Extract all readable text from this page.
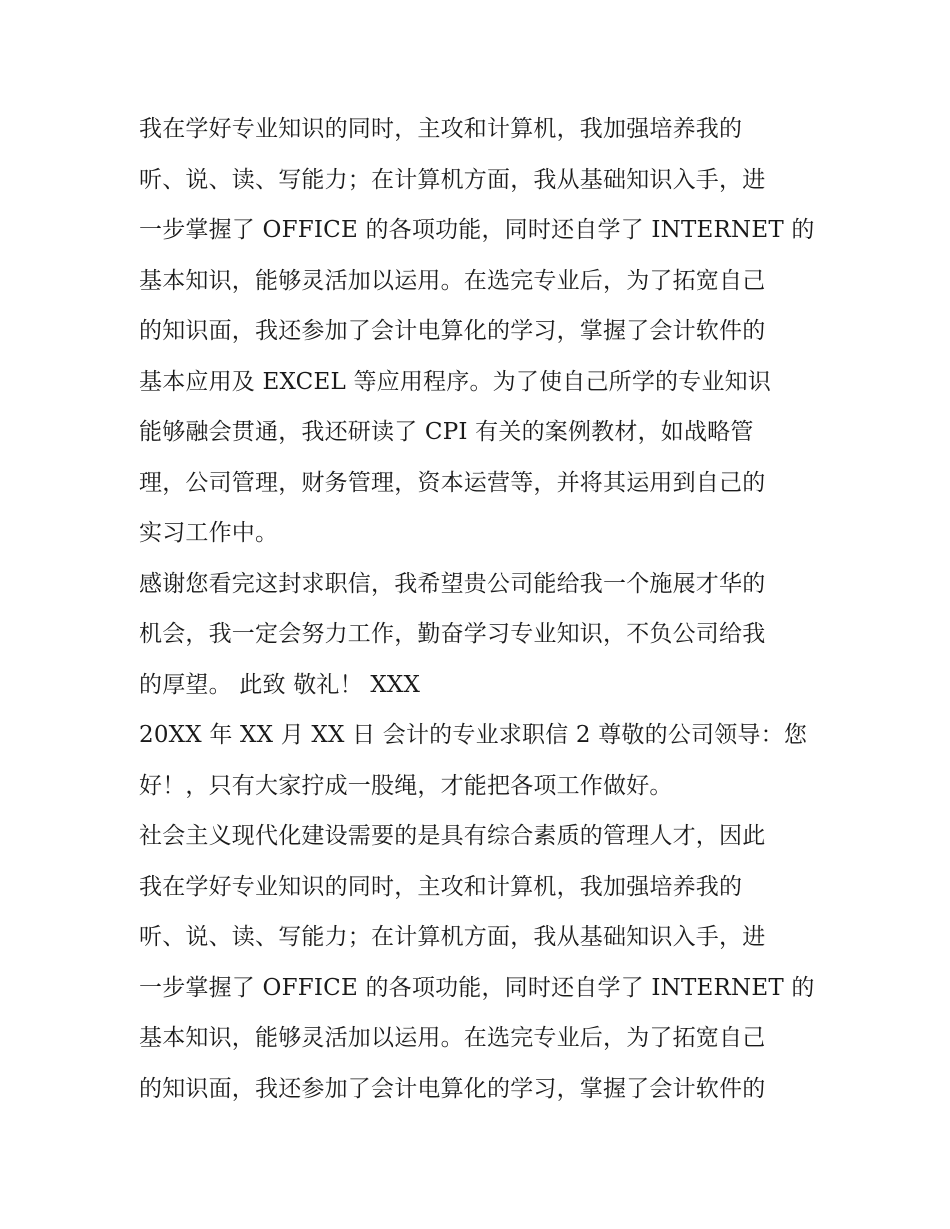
我在学好专业知识的同时，主攻和计算机，我加强培养我的
听、说、读、写能力；在计算机方面，我从基础知识入手，进
一步掌握了 OFFICE 的各项功能，同时还自学了 INTERNET 的
基本知识，能够灵活加以运用。在选完专业后，为了拓宽自己
的知识面，我还参加了会计电算化的学习，掌握了会计软件的
基本应用及 EXCEL 等应用程序。为了使自己所学的专业知识
能够融会贯通，我还研读了 CPI 有关的案例教材，如战略管
理，公司管理，财务管理，资本运营等，并将其运用到自己的
实习工作中。
感谢您看完这封求职信，我希望贵公司能给我一个施展才华的
机会，我一定会努力工作，勤奋学习专业知识，不负公司给我
的厚望。 此致 敬礼！ XXX
20XX 年 XX 月 XX 日 会计的专业求职信 2 尊敬的公司领导：您
好！，只有大家拧成一股绳，才能把各项工作做好。
社会主义现代化建设需要的是具有综合素质的管理人才，因此
我在学好专业知识的同时，主攻和计算机，我加强培养我的
听、说、读、写能力；在计算机方面，我从基础知识入手，进
一步掌握了 OFFICE 的各项功能，同时还自学了 INTERNET 的
基本知识，能够灵活加以运用。在选完专业后，为了拓宽自己
的知识面，我还参加了会计电算化的学习，掌握了会计软件的
